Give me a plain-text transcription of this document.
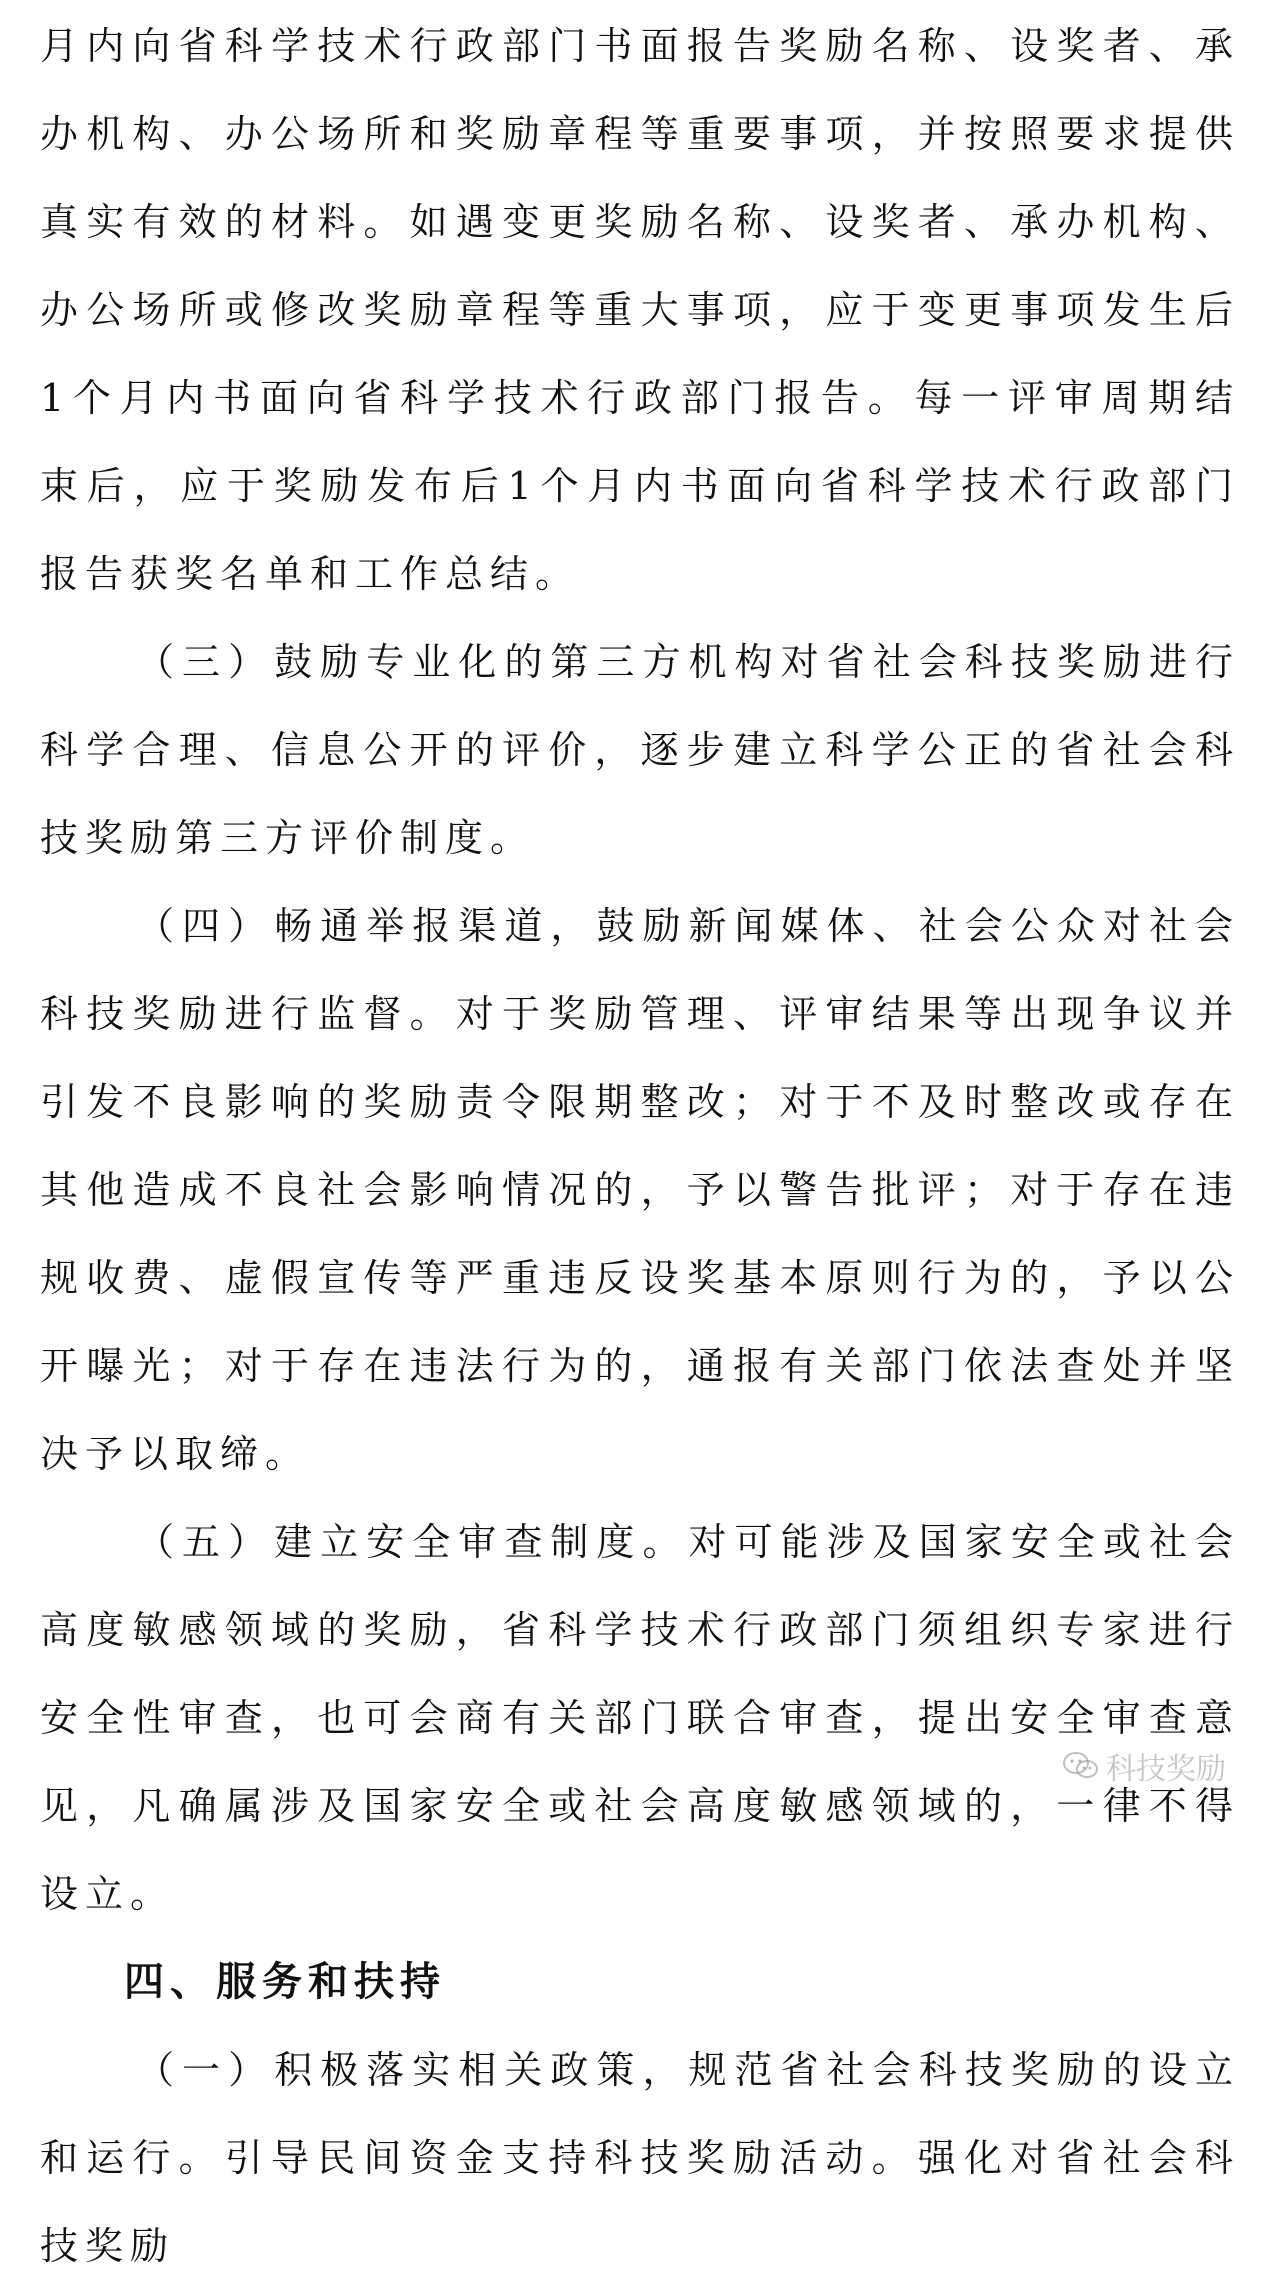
月内向省科学技术行政部门书面报告奖励名称、设奖者、承办机构、办公场所和奖励章程等重要事项，并按照要求提供真实有效的材料。如遇变更奖励名称、设奖者、承办机构、办公场所或修改奖励章程等重大事项，应于变更事项发生后1个月内书面向省科学技术行政部门报告。每一评审周期结束后，应于奖励发布后1个月内书面向省科学技术行政部门报告获奖名单和工作总结。

（三）鼓励专业化的第三方机构对省社会科技奖励进行科学合理、信息公开的评价，逐步建立科学公正的省社会科技奖励第三方评价制度。

（四）畅通举报渠道，鼓励新闻媒体、社会公众对社会科技奖励进行监督。对于奖励管理、评审结果等出现争议并引发不良影响的奖励责令限期整改；对于不及时整改或存在其他造成不良社会影响情况的，予以警告批评；对于存在违规收费、虚假宣传等严重违反设奖基本原则行为的，予以公开曝光；对于存在违法行为的，通报有关部门依法查处并坚决予以取缔。

（五）建立安全审查制度。对可能涉及国家安全或社会高度敏感领域的奖励，省科学技术行政部门须组织专家进行安全性审查，也可会商有关部门联合审查，提出安全审查意见，凡确属涉及国家安全或社会高度敏感领域的，一律不得设立。

四、服务和扶持

（一）积极落实相关政策，规范省社会科技奖励的设立和运行。引导民间资金支持科技奖励活动。强化对省社会科技奖励

科技奖励
